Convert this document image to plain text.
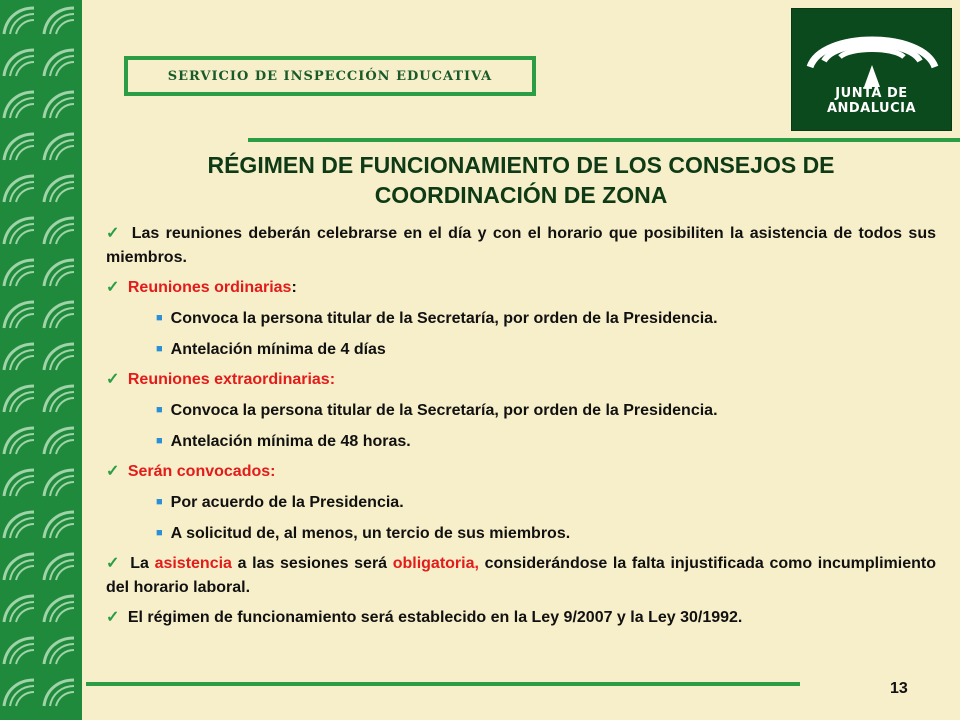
SERVICIO DE INSPECCIÓN EDUCATIVA
JUNTA DE ANDALUCIA
RÉGIMEN DE FUNCIONAMIENTO DE LOS CONSEJOS DE
COORDINACIÓN DE ZONA
✓ Las reuniones deberán celebrarse en el día y con el horario que posibiliten la asistencia de todos sus miembros.
✓ Reuniones ordinarias:
■ Convoca la persona titular de la Secretaría, por orden de la Presidencia.
■ Antelación mínima de 4 días
✓ Reuniones extraordinarias:
■ Convoca la persona titular de la Secretaría, por orden de la Presidencia.
■ Antelación mínima de 48 horas.
✓ Serán convocados:
■ Por acuerdo de la Presidencia.
■ A solicitud de, al menos, un tercio de sus miembros.
✓ La asistencia a las sesiones será obligatoria, considerándose la falta injustificada como incumplimiento del horario laboral.
✓ El régimen de funcionamiento será establecido en la Ley 9/2007 y la Ley 30/1992.
13
